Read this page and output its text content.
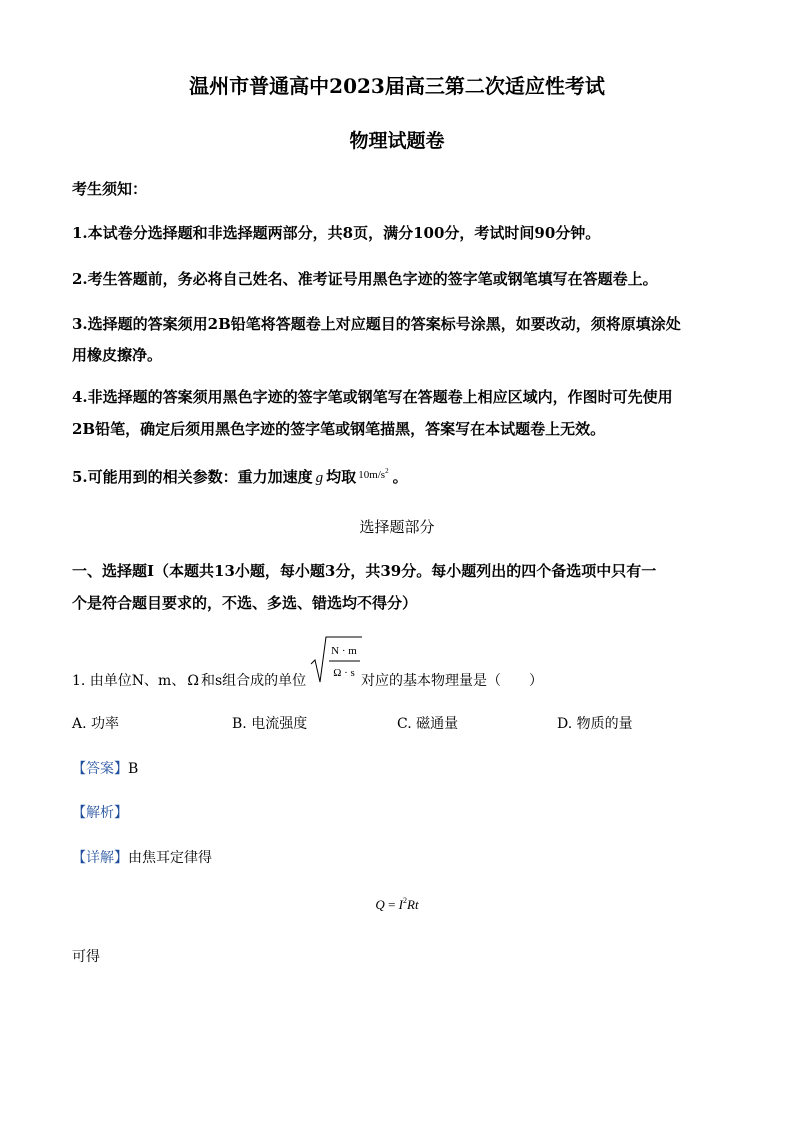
温州市普通高中2023届高三第二次适应性考试
物理试题卷
考生须知：
1.本试卷分选择题和非选择题两部分，共8页，满分100分，考试时间90分钟。
2.考生答题前，务必将自己姓名、准考证号用黑色字迹的签字笔或钢笔填写在答题卷上。
3.选择题的答案须用2B铅笔将答题卷上对应题目的答案标号涂黑，如要改动，须将原填涂处
用橡皮擦净。
4.非选择题的答案须用黑色字迹的签字笔或钢笔写在答题卷上相应区域内，作图时可先使用
2B铅笔，确定后须用黑色字迹的签字笔或钢笔描黑，答案写在本试题卷上无效。
5.可能用到的相关参数：重力加速度 g 均取 $^{10m/s^2}$ 。
选择题部分
一、选择题Ⅰ（本题共13小题，每小题3分，共39分。每小题列出的四个备选项中只有一
个是符合题目要求的，不选、多选、错选均不得分）
1. 由单位N、m、 Ω 和s组合成的单位
N · m
Ω · s 对应的基本物理量是（　　）
A. 功率	B. 电流强度	C. 磁通量	D. 物质的量
【答案】B
【解析】
【详解】由焦耳定律得
$Q = I^2Rt$
可得
